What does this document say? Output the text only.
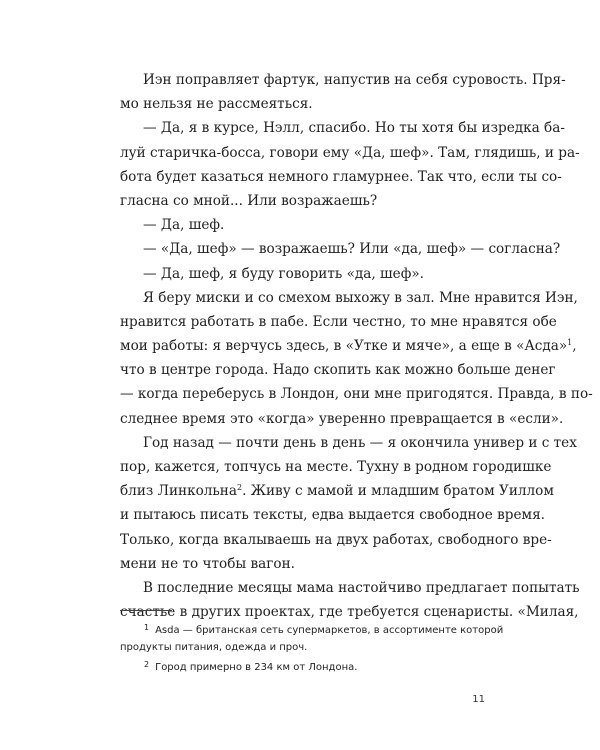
Иэн поправляет фартук, напустив на себя суровость. Пря-
мо нельзя не рассмеяться.
— Да, я в курсе, Нэлл, спасибо. Но ты хотя бы изредка ба-
луй старичка-босса, говори ему «Да, шеф». Там, глядишь, и ра-
бота будет казаться немного гламурнее. Так что, если ты со-
гласна со мной... Или возражаешь?
— Да, шеф.
— «Да, шеф» — возражаешь? Или «да, шеф» — согласна?
— Да, шеф, я буду говорить «да, шеф».
Я беру миски и со смехом выхожу в зал. Мне нравится Иэн,
нравится работать в пабе. Если честно, то мне нравятся обе
мои работы: я верчусь здесь, в «Утке и мяче», а еще в «Асда»$^1$,
что в центре города. Надо скопить как можно больше денег
— когда переберусь в Лондон, они мне пригодятся. Правда, в по-
следнее время это «когда» уверенно превращается в «если».
Год назад — почти день в день — я окончила универ и с тех
пор, кажется, топчусь на месте. Тухну в родном городишке
близ Линкольна$^2$. Живу с мамой и младшим братом Уиллом
и пытаюсь писать тексты, едва выдается свободное время.
Только, когда вкалываешь на двух работах, свободного вре-
мени не то чтобы вагон.
В последние месяцы мама настойчиво предлагает попытать
счастье в других проектах, где требуется сценаристы. «Милая,
$^1$ Asda — британская сеть супермаркетов, в ассортименте которой
продукты питания, одежда и проч.
$^2$ Город примерно в 234 км от Лондона.
11
